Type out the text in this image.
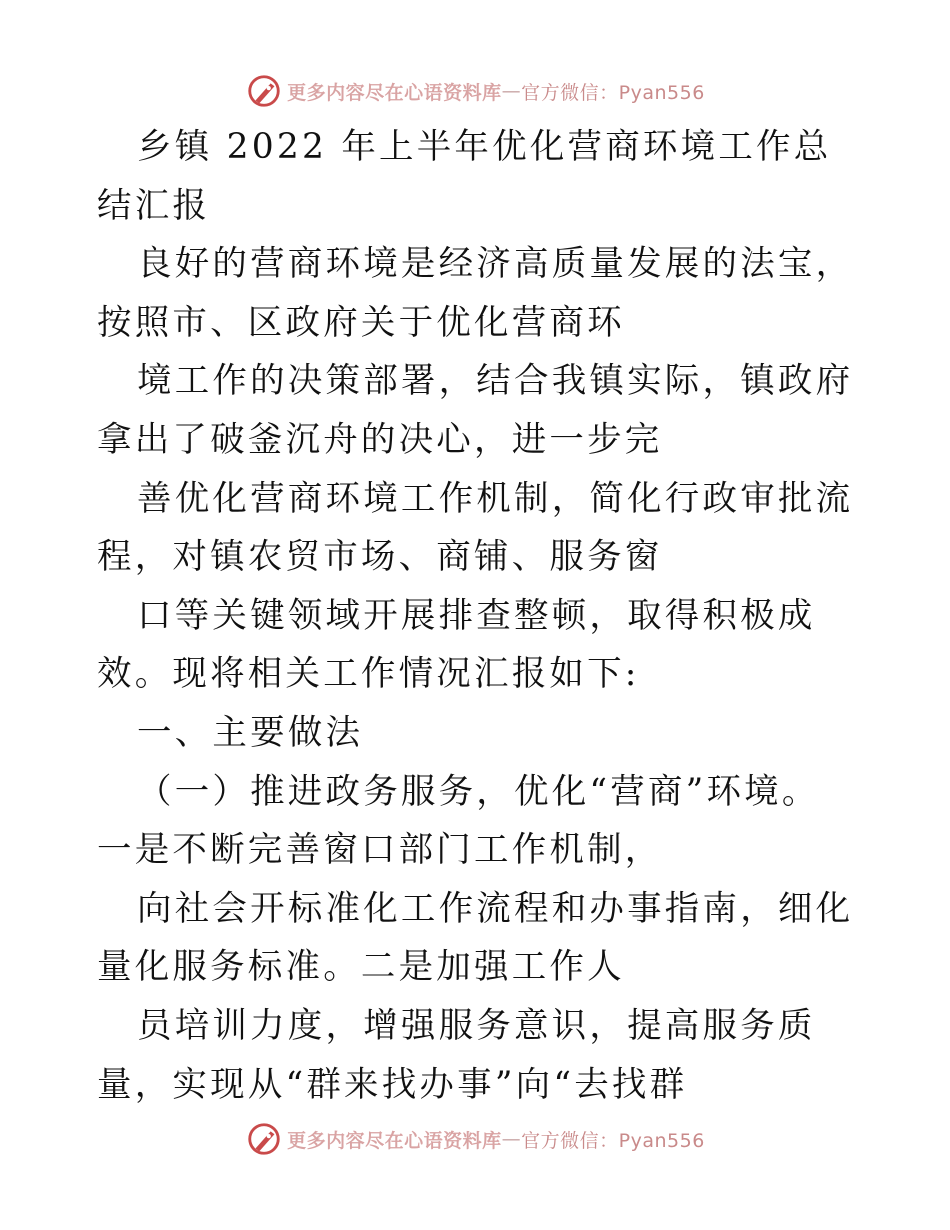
更多内容尽在心语资料库 — 官方微信：Pyan556

乡镇 2022 年上半年优化营商环境工作总结汇报

良好的营商环境是经济高质量发展的法宝，按照市、区政府关于优化营商环

境工作的决策部署，结合我镇实际，镇政府拿出了破釜沉舟的决心，进一步完

善优化营商环境工作机制，简化行政审批流程，对镇农贸市场、商铺、服务窗

口等关键领域开展排查整顿，取得积极成效。现将相关工作情况汇报如下:

一、主要做法

（一）推进政务服务，优化“营商”环境。一是不断完善窗口部门工作机制，

向社会开标准化工作流程和办事指南，细化量化服务标准。二是加强工作人

员培训力度，增强服务意识，提高服务质量，实现从“群来找办事”向“去找群

更多内容尽在心语资料库 — 官方微信：Pyan556
